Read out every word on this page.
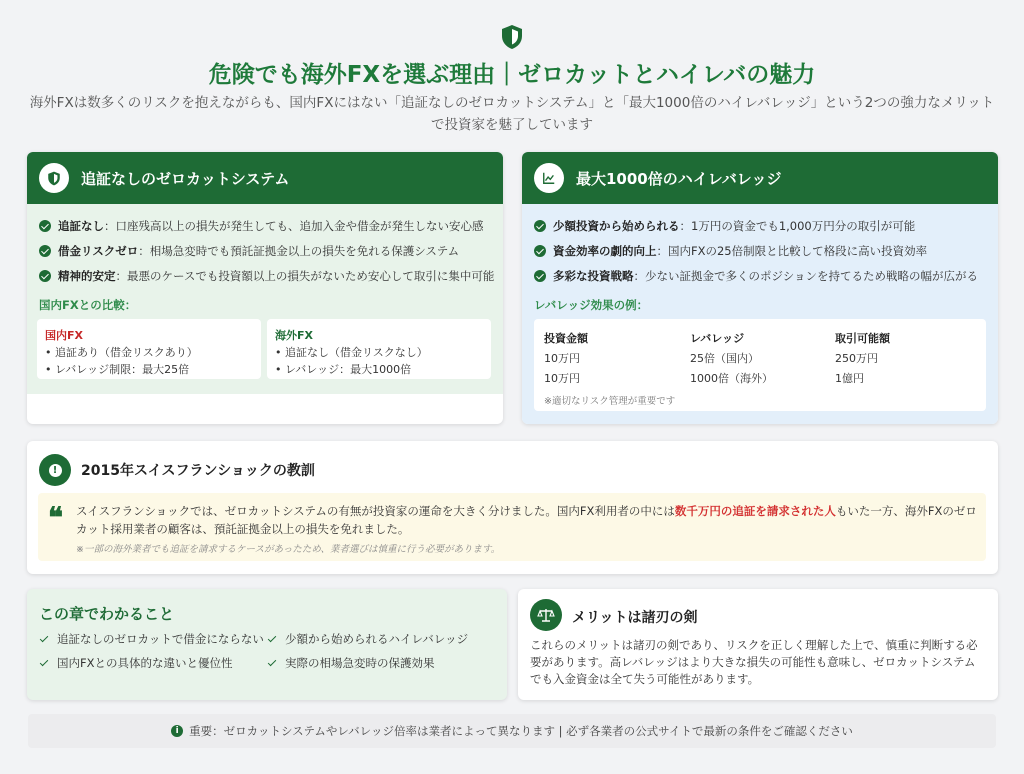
危険でも海外FXを選ぶ理由｜ゼロカットとハイレバの魅力
海外FXは数多くのリスクを抱えながらも、国内FXにはない「追証なしのゼロカットシステム」と「最大1000倍のハイレバレッジ」という2つの強力なメリットで投資家を魅了しています
追証なしのゼロカットシステム
追証なし ：口座残高以上の損失が発生しても、追加入金や借金が発生しない安心感
借金リスクゼロ ：相場急変時でも預託証拠金以上の損失を免れる保護システム
精神的安定 ：最悪のケースでも投資額以上の損失がないため安心して取引に集中可能
国内FXとの比較：
国内FX
• 追証あり（借金リスクあり）
• レバレッジ制限：最大25倍
海外FX
• 追証なし（借金リスクなし）
• レバレッジ：最大1000倍
最大1000倍のハイレバレッジ
少額投資から始められる ：1万円の資金でも1,000万円分の取引が可能
資金効率の劇的向上 ：国内FXの25倍制限と比較して格段に高い投資効率
多彩な投資戦略 ：少ない証拠金で多くのポジションを持てるため戦略の幅が広がる
レバレッジ効果の例：
投資金額	レバレッジ	取引可能額
10万円	25倍（国内）	250万円
10万円	1000倍（海外）	1億円
※適切なリスク管理が重要です
!	2015年スイスフランショックの教訓
❝ スイスフランショックでは、ゼロカットシステムの有無が投資家の運命を大きく分けました。国内FX利用者の中には数千万円の追証を請求された人もいた一方、海外FXのゼロカット採用業者の顧客は、預託証拠金以上の損失を免れました。
※一部の海外業者でも追証を請求するケースがあったため、業者選びは慎重に行う必要があります。
この章でわかること
追証なしのゼロカットで借金にならない 少額から始められるハイレバレッジ
国内FXとの具体的な違いと優位性	実際の相場急変時の保護効果
メリットは諸刃の剣
これらのメリットは諸刃の剣であり、リスクを正しく理解した上で、慎重に判断する必要があります。高レバレッジはより大きな損失の可能性も意味し、ゼロカットシステムでも入金資金は全て失う可能性があります。
i 重要：ゼロカットシステムやレバレッジ倍率は業者によって異なります | 必ず各業者の公式サイトで最新の条件をご確認ください
